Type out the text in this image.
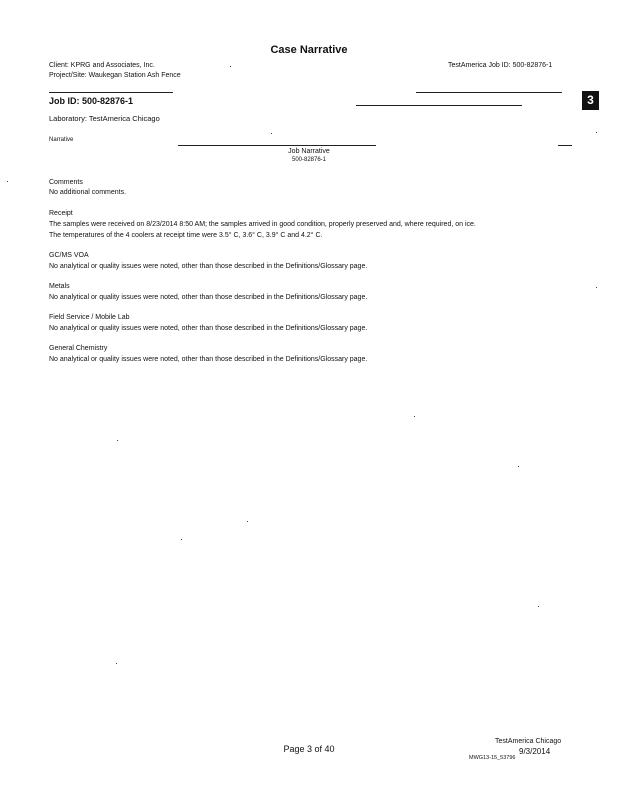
Case Narrative
Client: KPRG and Associates, Inc.
Project/Site: Waukegan Station Ash Fence
TestAmerica Job ID: 500-82876-1
Job ID: 500-82876-1	3
Laboratory: TestAmerica Chicago
Narrative
Job Narrative
500-82876-1
Comments
No additional comments.
Receipt
The samples were received on 8/23/2014 8:50 AM; the samples arrived in good condition, properly preserved and, where required, on ice.
The temperatures of the 4 coolers at receipt time were 3.5° C, 3.6° C, 3.9° C and 4.2° C.
GC/MS VOA
No analytical or quality issues were noted, other than those described in the Definitions/Glossary page.
Metals
No analytical or quality issues were noted, other than those described in the Definitions/Glossary page.
Field Service / Mobile Lab
No analytical or quality issues were noted, other than those described in the Definitions/Glossary page.
General Chemistry
No analytical or quality issues were noted, other than those described in the Definitions/Glossary page.
Page 3 of 40
TestAmerica Chicago
9/3/2014
MWG13-15_53796
